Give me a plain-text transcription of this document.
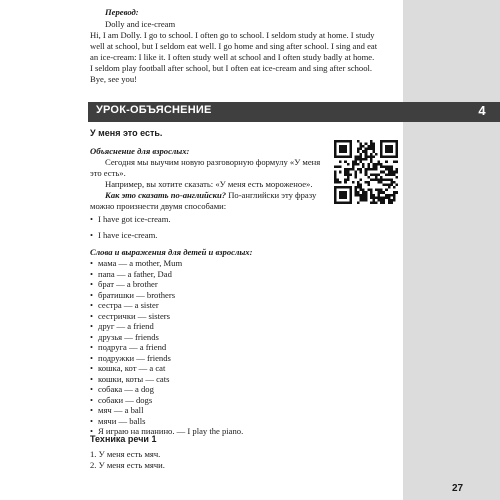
Перевод:
Dolly and ice-cream
Hi, I am Dolly. I go to school. I often go to school. I seldom study at home. I study
well at school, but I seldom eat well. I go home and sing after school. I sing and eat
an ice-cream: I like it. I often study well at school and I often study badly at home.
I seldom play football after school, but I often eat ice-cream and sing after school.
Bye, see you!
УРОК-ОБЪЯСНЕНИЕ	4
У меня это есть.
Объяснение для взрослых:
Сегодня мы выучим новую разговорную формулу «У меня
это есть».
Например, вы хотите сказать: «У меня есть мороженое».
Как это сказать по-английски? По-английски эту фразу
можно произнести двумя способами:
• I have got ice-cream.
• I have ice-cream.
Слова и выражения для детей и взрослых:
• мама — a mother, Mum
• папа — a father, Dad
• брат — a brother
• братишки — brothers
• сестра — a sister
• сестрички — sisters
• друг — a friend
• друзья — friends
• подруга — a friend
• подружки — friends
• кошка, кот — a cat
• кошки, коты — cats
• собака — a dog
• собаки — dogs
• мяч — a ball
• мячи — balls
• Я играю на пианино. — I play the piano.
Техника речи 1
1. У меня есть мяч.
2. У меня есть мячи.
27
